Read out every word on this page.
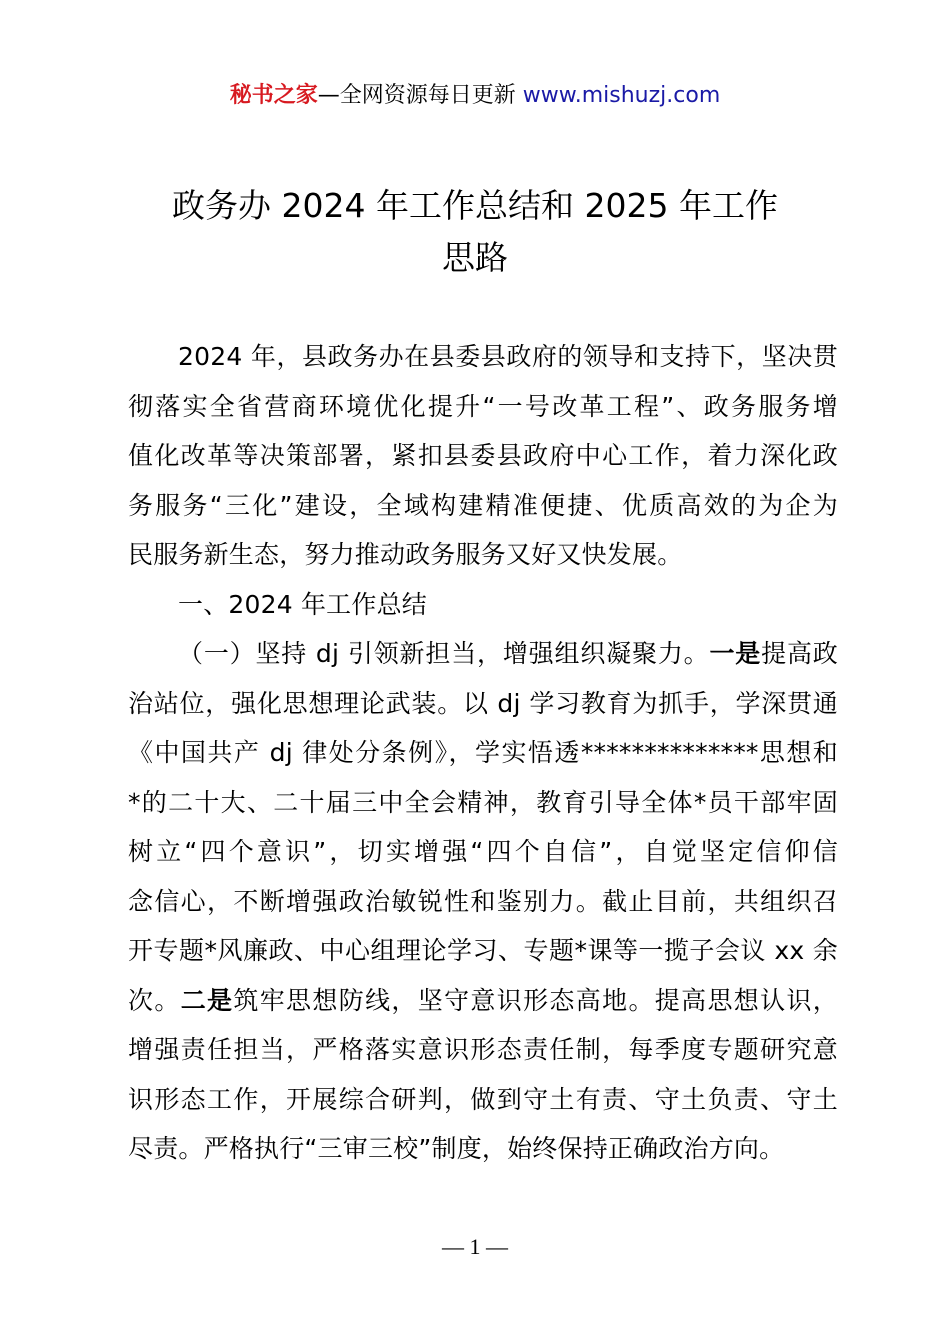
秘书之家—全网资源每日更新 www.mishuzj.com
政务办 2024 年工作总结和 2025 年工作
思路
2024 年，县政务办在县委县政府的领导和支持下，坚决贯
彻落实全省营商环境优化提升“一号改革工程”、政务服务增
值化改革等决策部署，紧扣县委县政府中心工作，着力深化政
务服务“三化”建设，全域构建精准便捷、优质高效的为企为
民服务新生态，努力推动政务服务又好又快发展。
一、2024 年工作总结
（一）坚持 dj 引领新担当，增强组织凝聚力。一是提高政
治站位，强化思想理论武装。以 dj 学习教育为抓手，学深贯通
《中国共产 dj 律处分条例》，学实悟透**************思想和
*的二十大、二十届三中全会精神，教育引导全体*员干部牢固
树立“四个意识”，切实增强“四个自信”，自觉坚定信仰信
念信心，不断增强政治敏锐性和鉴别力。截止目前，共组织召
开专题*风廉政、中心组理论学习、专题*课等一揽子会议 xx 余
次。二是筑牢思想防线，坚守意识形态高地。提高思想认识，
增强责任担当，严格落实意识形态责任制，每季度专题研究意
识形态工作，开展综合研判，做到守土有责、守土负责、守土
尽责。严格执行“三审三校”制度，始终保持正确政治方向。
— 1 —
